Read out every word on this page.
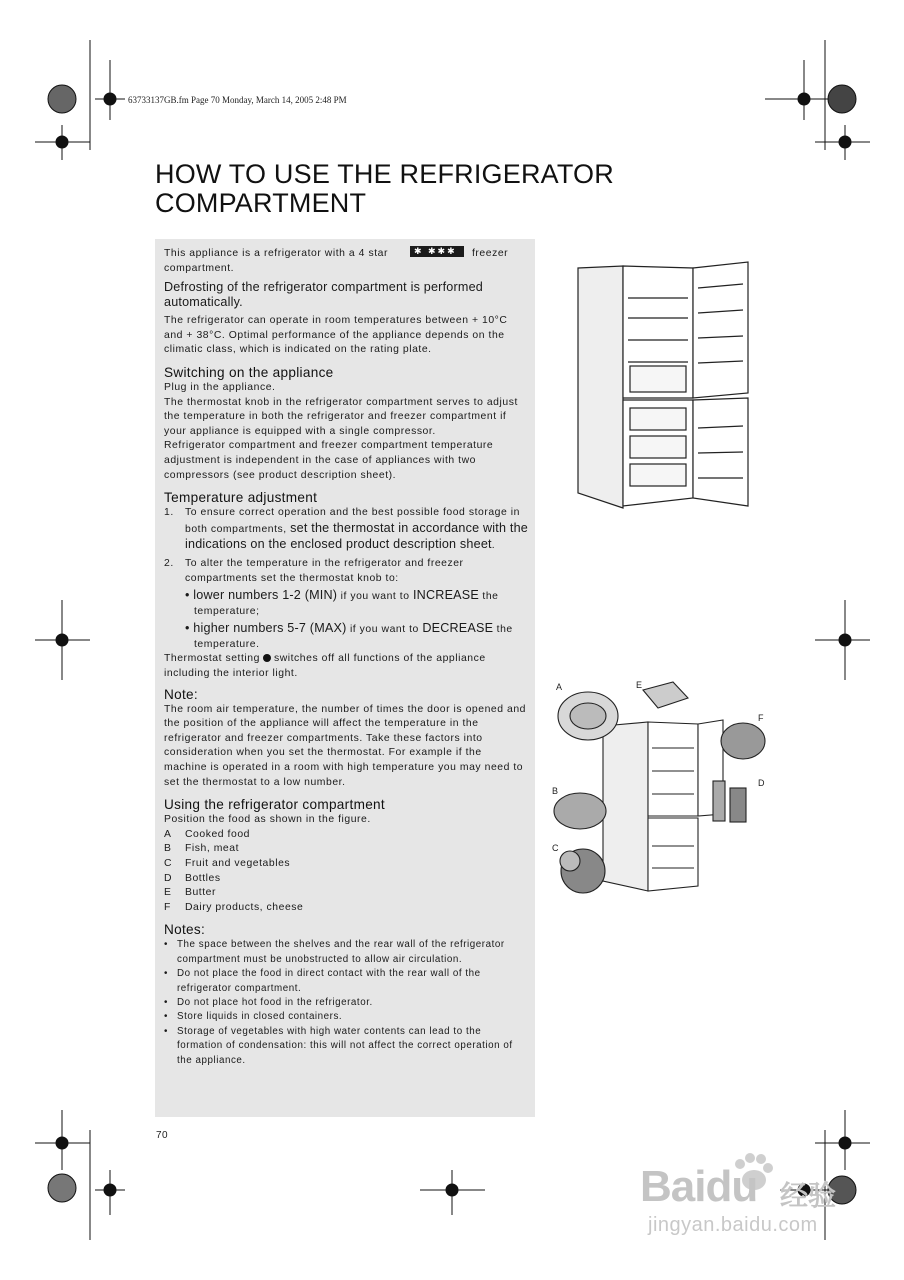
63733137GB.fm Page 70 Monday, March 14, 2005 2:48 PM
HOW TO USE THE REFRIGERATOR
COMPARTMENT

This appliance is a refrigerator with a 4 star	✱ ✱✱✱ freezer compartment.

Defrosting of the refrigerator compartment is performed automatically.

The refrigerator can operate in room temperatures between + 10°C and + 38°C. Optimal performance of the appliance depends on the climatic class, which is indicated on the rating plate.

Switching on the appliance

Plug in the appliance.

The thermostat knob in the refrigerator compartment serves to adjust the temperature in both the refrigerator and freezer compartment if your appliance is equipped with a single compressor.

Refrigerator compartment and freezer compartment temperature adjustment is independent in the case of appliances with two compressors (see product description sheet).

Temperature adjustment

1. To ensure correct operation and the best possible food storage in both compartments, set the thermostat in accordance with the indications on the enclosed product description sheet.
2. To alter the temperature in the refrigerator and freezer compartments set the thermostat knob to:

• lower numbers 1-2 (MIN) if you want to INCREASE the temperature;

• higher numbers 5-7 (MAX) if you want to DECREASE the temperature.

Thermostat setting switches off all functions of the appliance including the interior light.

Note:

The room air temperature, the number of times the door is opened and the position of the appliance will affect the temperature in the refrigerator and freezer compartments. Take these factors into consideration when you set the thermostat. For example if the machine is operated in a room with high temperature you may need to set the thermostat to a low number.

Using the refrigerator compartment

Position the food as shown in the figure.

A	Cooked food
B	Fish, meat
C	Fruit and vegetables
D	Bottles
E	Butter
F	Dairy products, cheese

Notes:

• The space between the shelves and the rear wall of the refrigerator compartment must be unobstructed to allow air circulation.
• Do not place the food in direct contact with the rear wall of the refrigerator compartment.
• Do not place hot food in the refrigerator.
• Store liquids in closed containers.
• Storage of vegetables with high water contents can lead to the formation of condensation: this will not affect the correct operation of the appliance.
70
A	E
F
D
B
C
Baidu 经验
jingyan.baidu.com
